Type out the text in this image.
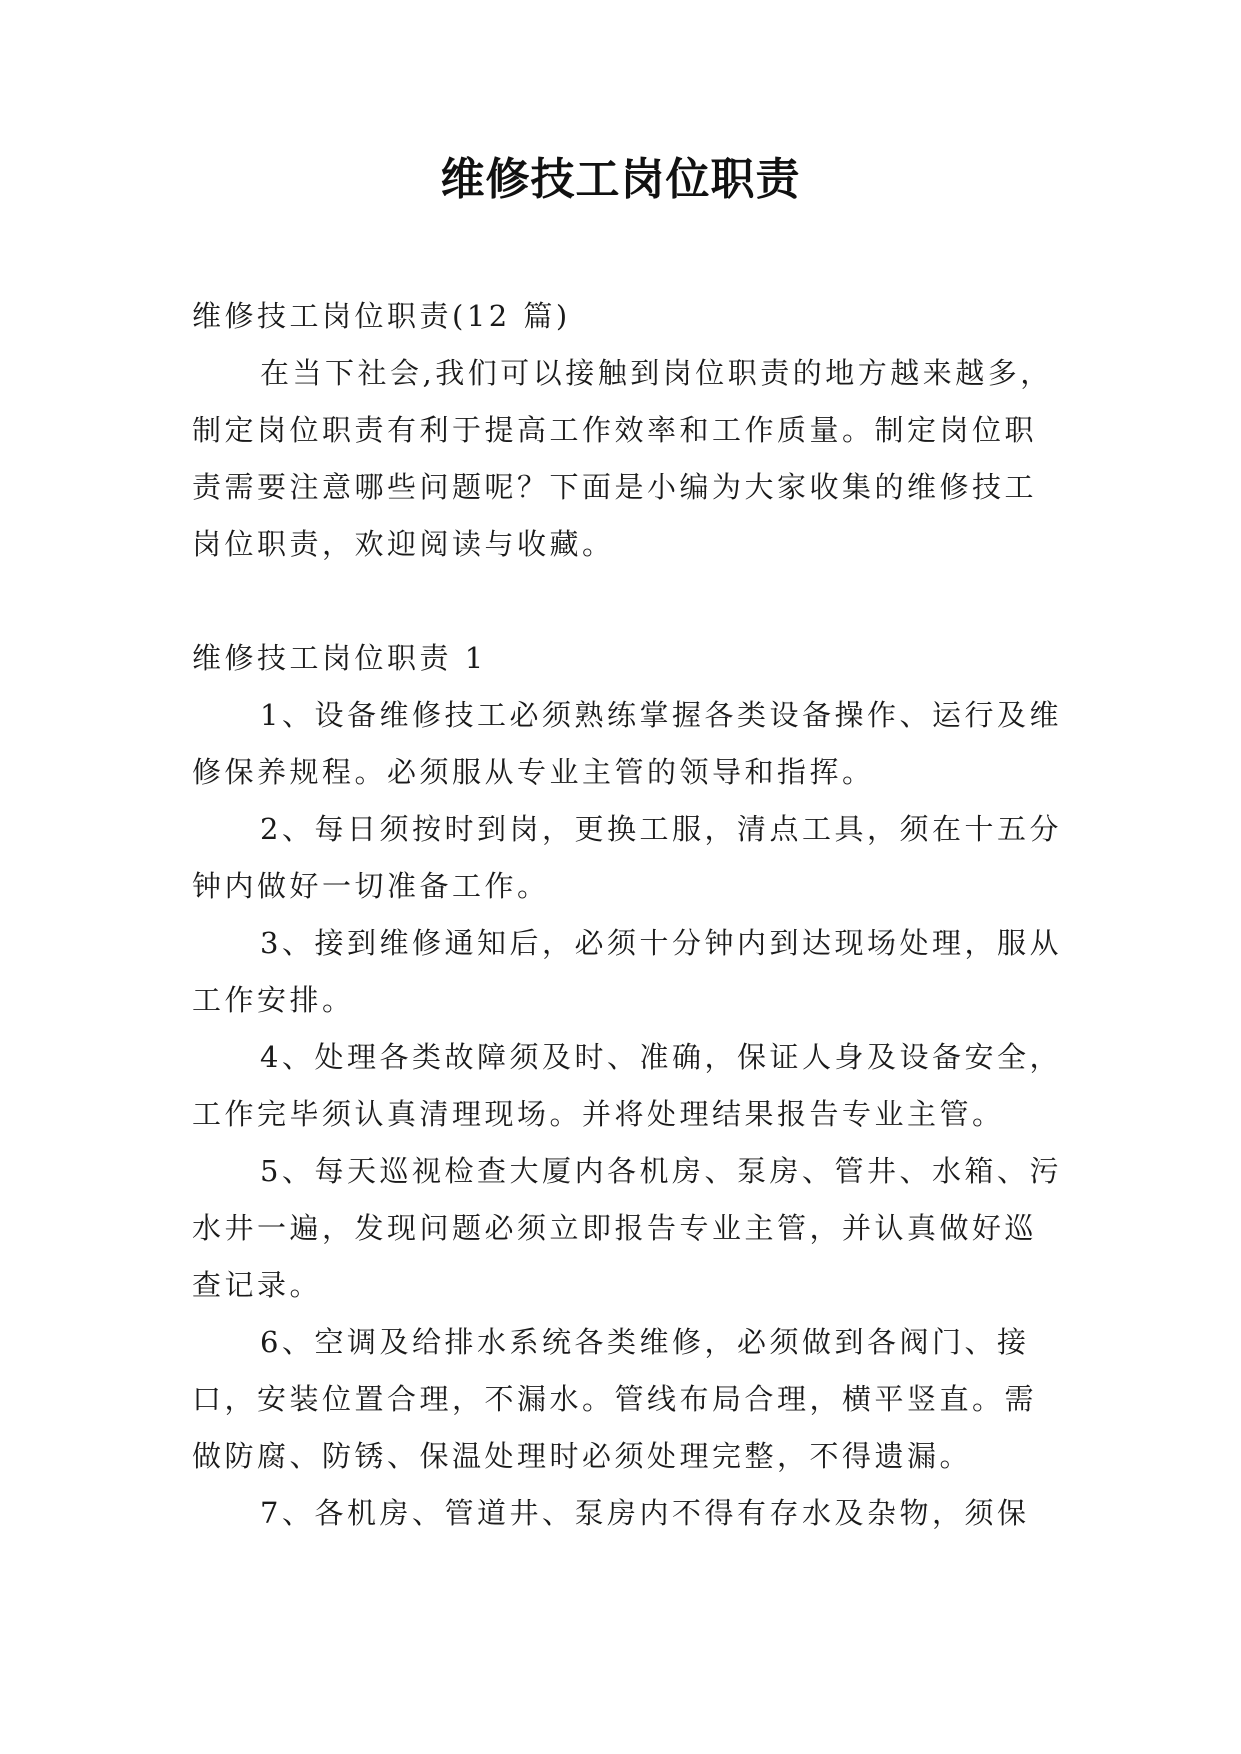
维修技工岗位职责

维修技工岗位职责(12 篇)

在当下社会,我们可以接触到岗位职责的地方越来越多，制定岗位职责有利于提高工作效率和工作质量。制定岗位职责需要注意哪些问题呢？下面是小编为大家收集的维修技工岗位职责，欢迎阅读与收藏。

维修技工岗位职责 1

1、设备维修技工必须熟练掌握各类设备操作、运行及维修保养规程。必须服从专业主管的领导和指挥。

2、每日须按时到岗，更换工服，清点工具，须在十五分钟内做好一切准备工作。

3、接到维修通知后，必须十分钟内到达现场处理，服从工作安排。

4、处理各类故障须及时、准确，保证人身及设备安全，工作完毕须认真清理现场。并将处理结果报告专业主管。

5、每天巡视检查大厦内各机房、泵房、管井、水箱、污水井一遍，发现问题必须立即报告专业主管，并认真做好巡查记录。

6、空调及给排水系统各类维修，必须做到各阀门、接口，安装位置合理，不漏水。管线布局合理，横平竖直。需做防腐、防锈、保温处理时必须处理完整，不得遗漏。

7、各机房、管道井、泵房内不得有存水及杂物，须保
